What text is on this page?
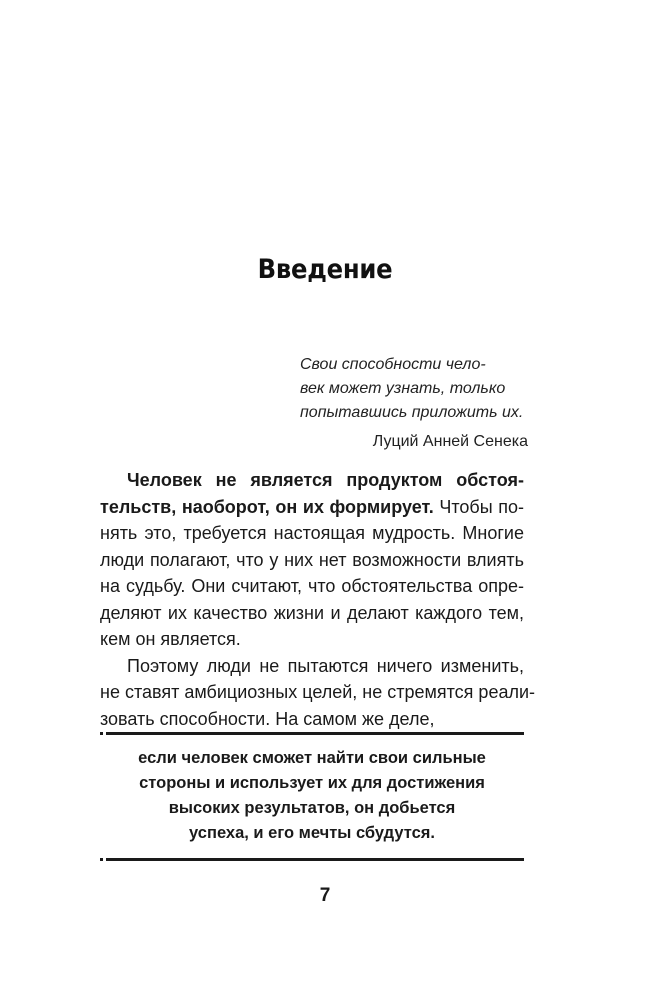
Введение
Свои способности чело-
век может узнать, только
попытавшись приложить их.
Луций Анней Сенека
Человек не является продуктом обстоя-
тельств, наоборот, он их формирует. Чтобы по-
нять это, требуется настоящая мудрость. Многие
люди полагают, что у них нет возможности влиять
на судьбу. Они считают, что обстоятельства опре-
деляют их качество жизни и делают каждого тем,
кем он является.
Поэтому люди не пытаются ничего изменить,
не ставят амбициозных целей, не стремятся реали-
зовать способности. На самом же деле,
если человек сможет найти свои сильные
стороны и использует их для достижения
высоких результатов, он добьется
успеха, и его мечты сбудутся.
7
